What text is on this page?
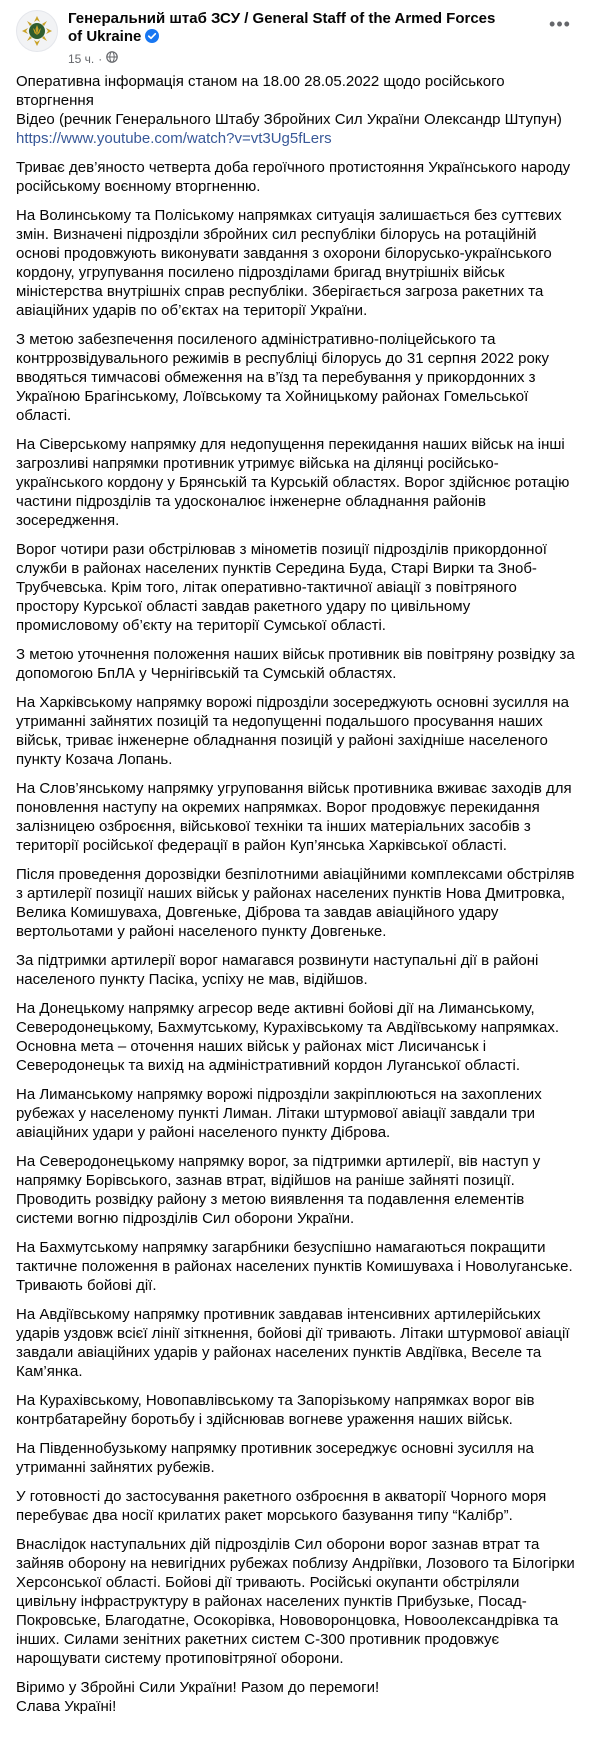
Генеральний штаб ЗСУ / General Staff of the Armed Forces of Ukraine
15 ч. ·
•••

Оперативна інформація станом на 18.00 28.05.2022 щодо російського вторгнення
Відео (речник Генерального Штабу Збройних Сил України Олександр Штупун)
https://www.youtube.com/watch?v=vt3Ug5fLers

Триває дев’яносто четверта доба героїчного протистояння Українського народу російському воєнному вторгненню.

На Волинському та Поліському напрямках ситуація залишається без суттєвих змін. Визначені підрозділи збройних сил республіки білорусь на ротаційній основі продовжують виконувати завдання з охорони білорусько-українського кордону, угрупування посилено підрозділами бригад внутрішніх військ міністерства внутрішніх справ республіки. Зберігається загроза ракетних та авіаційних ударів по об’єктах на території України.

З метою забезпечення посиленого адміністративно-поліцейського та контррозвідувального режимів в республіці білорусь до 31 серпня 2022 року вводяться тимчасові обмеження на в’їзд та перебування у прикордонних з Україною Брагінському, Лоївському та Хойницькому районах Гомельської області.

На Сіверському напрямку для недопущення перекидання наших військ на інші загрозливі напрямки противник утримує війська на ділянці російсько-українського кордону у Брянській та Курській областях. Ворог здійснює ротацію частини підрозділів та удосконалює інженерне обладнання районів зосередження.

Ворог чотири рази обстрілював з мінометів позиції підрозділів прикордонної служби в районах населених пунктів Середина Буда, Старі Вирки та Зноб-Трубчевська. Крім того, літак оперативно-тактичної авіації з повітряного простору Курської області завдав ракетного удару по цивільному промисловому об’єкту на території Сумської області.

З метою уточнення положення наших військ противник вів повітряну розвідку за допомогою БпЛА у Чернігівській та Сумській областях.

На Харківському напрямку ворожі підрозділи зосереджують основні зусилля на утриманні зайнятих позицій та недопущенні подальшого просування наших військ, триває інженерне обладнання позицій у районі західніше населеного пункту Козача Лопань.

На Слов’янському напрямку угруповання військ противника вживає заходів для поновлення наступу на окремих напрямках. Ворог продовжує перекидання залізницею озброєння, військової техніки та інших матеріальних засобів з території російської федерації в район Куп’янська Харківської області.

Після проведення дорозвідки безпілотними авіаційними комплексами обстріляв з артилерії позиції наших військ у районах населених пунктів Нова Дмитровка, Велика Комишуваха, Довгеньке, Діброва та завдав авіаційного удару вертольотами у районі населеного пункту Довгеньке.

За підтримки артилерії ворог намагався розвинути наступальні дії в районі населеного пункту Пасіка, успіху не мав, відійшов.

На Донецькому напрямку агресор веде активні бойові дії на Лиманському, Северодонецькому, Бахмутському, Курахівському та Авдіївському напрямках. Основна мета – оточення наших військ у районах міст Лисичанськ і Северодонецьк та вихід на адміністративний кордон Луганської області.

На Лиманському напрямку ворожі підрозділи закріплюються на захоплених рубежах у населеному пункті Лиман. Літаки штурмової авіації завдали три авіаційних удари у районі населеного пункту Діброва.

На Северодонецькому напрямку ворог, за підтримки артилерії, вів наступ у напрямку Борівського, зазнав втрат, відійшов на раніше зайняті позиції. Проводить розвідку району з метою виявлення та подавлення елементів системи вогню підрозділів Сил оборони України.

На Бахмутському напрямку загарбники безуспішно намагаються покращити тактичне положення в районах населених пунктів Комишуваха і Новолуганське. Тривають бойові дії.

На Авдіївському напрямку противник завдавав інтенсивних артилерійських ударів уздовж всієї лінії зіткнення, бойові дії тривають. Літаки штурмової авіації завдали авіаційних ударів у районах населених пунктів Авдіївка, Веселе та Кам’янка.

На Курахівському, Новопавлівському та Запорізькому напрямках ворог вів контрбатарейну боротьбу і здійснював вогневе ураження наших військ.

На Південнобузькому напрямку противник зосереджує основні зусилля на утриманні зайнятих рубежів.

У готовності до застосування ракетного озброєння в акваторії Чорного моря перебуває два носії крилатих ракет морського базування типу “Калібр”.

Внаслідок наступальних дій підрозділів Сил оборони ворог зазнав втрат та зайняв оборону на невигідних рубежах поблизу Андріївки, Лозового та Білогірки Херсонської області. Бойові дії тривають. Російські окупанти обстріляли цивільну інфраструктуру в районах населених пунктів Прибузьке, Посад-Покровське, Благодатне, Осокорівка, Нововоронцовка, Новоолександрівка та інших. Силами зенітних ракетних систем С-300 противник продовжує нарощувати систему протиповітряної оборони.

Віримо у Збройні Сили України! Разом до перемоги!
Слава Україні!
